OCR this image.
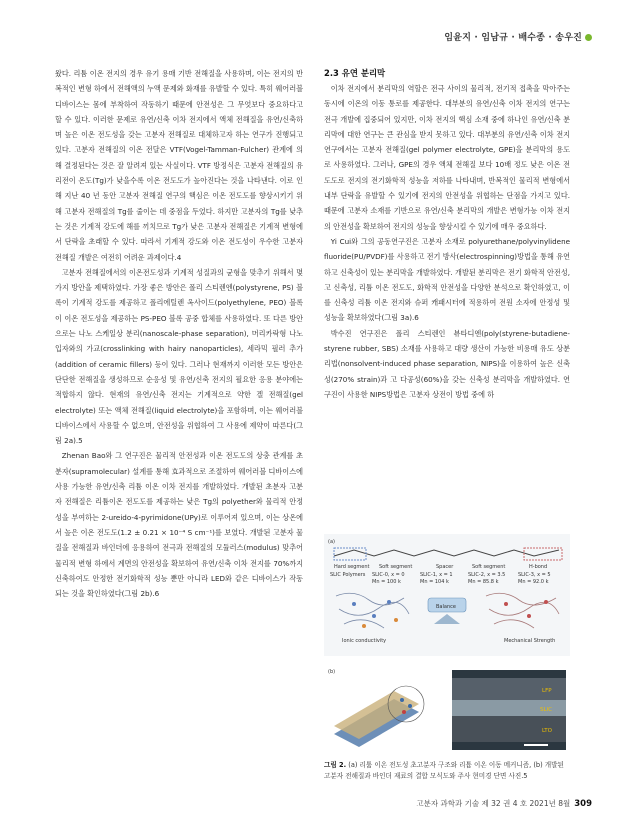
임윤지 · 임남규 · 배수종 · 송우진

왔다. 리튬 이온 전지의 경우 유기 용매 기반 전해질을 사용하며, 이는 전지의 반복적인 변형 하에서 전해액의 누액 문제와 화재를 유발할 수 있다. 특히 웨어러블 디바이스는 몸에 부착하여 작동하기 때문에 안전성은 그 무엇보다 중요하다고 할 수 있다. 이러한 문제로 유연/신축 이차 전지에서 액체 전해질을 유연/신축하며 높은 이온 전도성을 갖는 고분자 전해질로 대체하고자 하는 연구가 진행되고 있다. 고분자 전해질의 이온 전달은 VTF(Vogel-Tamman-Fulcher) 관계에 의해 결정된다는 것은 잘 알려져 있는 사실이다. VTF 방정식은 고분자 전해질의 유리전이 온도(Tg)가 낮을수록 이온 전도도가 높아진다는 것을 나타낸다. 이로 인해 지난 40 년 동안 고분자 전해질 연구의 핵심은 이온 전도도를 향상시키기 위해 고분자 전해질의 Tg를 줄이는 데 중점을 두었다. 하지만 고분자의 Tg를 낮추는 것은 기계적 강도에 해를 끼치므로 Tg가 낮은 고분자 전해질은 기계적 변형에서 단락을 초래할 수 있다. 따라서 기계적 강도와 이온 전도성이 우수한 고분자 전해질 개발은 여전히 어려운 과제이다.4

고분자 전해질에서의 이온전도성과 기계적 성질과의 균형을 맞추기 위해서 몇 가지 방안을 제택하였다. 가장 좋은 방안은 폴리 스티렌엔(polystyrene, PS) 블록이 기계적 강도를 제공하고 폴리에틸렌 옥사이드(polyethylene, PEO) 블록이 이온 전도성을 제공하는 PS-PEO 블록 공중 합체를 사용하였다. 또 다른 방안으로는 나노 스케일상 분리(nanoscale-phase separation), 머리카락형 나노 입자와의 가교(crosslinking with hairy nanoparticles), 세라믹 필러 추가(addition of ceramic fillers) 등이 있다. 그러나 현재까지 이러한 모든 방안은 단단한 전해질을 생성하므로 순응성 및 유연/신축 전지의 필요한 응용 분야에는 적합하지 않다. 현재의 유연/신축 전지는 기계적으로 약한 겔 전해질(gel electrolyte) 또는 액체 전해질(liquid electrolyte)을 포함하며, 이는 웨어러블 디바이스에서 사용할 수 없으며, 안전성을 위협하여 그 사용에 제약이 따른다(그림 2a).5

Zhenan Bao와 그 연구진은 물리적 안전성과 이온 전도도의 상충 관계를 초분자(supramolecular) 설계를 통해 효과적으로 조절하여 웨어러블 디바이스에 사용 가능한 유연/신축 리튬 이온 이차 전지를 개발하였다. 개발된 초분자 고분자 전해질은 리튬이온 전도도를 제공하는 낮은 Tg의 polyether와 물리적 안정성을 부여하는 2-ureido-4-pyrimidone(UPy)로 이루어져 있으며, 이는 상온에서 높은 이온 전도도(1.2 ± 0.21 × 10⁻⁴ S cm⁻¹)를 보였다. 개발된 고분자 물질을 전해질과 바인더에 응용하여 전극과 전해질의 모듈러스(modulus) 맞추어 물리적 변형 하에서 계면의 안전성을 확보하여 유연/신축 이차 전지를 70%까지 신축하여도 안정한 전기화학적 성능 뿐만 아니라 LED와 같은 디바이스가 작동되는 것을 확인하였다(그림 2b).6

2.3 유연 분리막

이차 전지에서 분리막의 역할은 전극 사이의 물리적, 전기적 접촉을 막아주는 동시에 이온의 이동 통로를 제공한다. 대부분의 유연/신축 이차 전지의 연구는 전극 개발에 집중되어 있지만, 이차 전지의 핵심 소재 중에 하나인 유연/신축 분리막에 대한 연구는 큰 관심을 받지 못하고 있다. 대부분의 유연/신축 이차 전지 연구에서는 고분자 전해질(gel polymer electrolyte, GPE)을 분리막의 용도로 사용하였다. 그러나, GPE의 경우 액체 전해질 보다 10배 정도 낮은 이온 전도도로 전지의 전기화학적 성능을 저하를 나타내며, 반복적인 물리적 변형에서 내부 단락을 유발할 수 있기에 전지의 안전성을 위협하는 단점을 가지고 있다. 때문에 고분자 소재를 기반으로 유연/신축 분리막의 개발은 변형가능 이차 전지의 안전성을 확보하여 전지의 성능을 향상시킬 수 있기에 매우 중요하다.

Yi Cui와 그의 공동연구진은 고분자 소재로 polyurethane/polyvinylidene fluoride(PU/PVDF)를 사용하고 전기 방사(electrospinning)방법을 통해 유연하고 신축성이 있는 분리막을 개발하였다. 개발된 분리막은 전기 화학적 안전성, 고 신축성, 리튬 이온 전도도, 화학적 안전성을 다양한 분석으로 확인하였고, 이를 신축성 리튬 이온 전지와 슈퍼 캐패시터에 적용하여 전원 소자에 안정성 및 성능을 확보하였다(그림 3a).6

박수진 연구진은 폴리 스티렌인 뷰타디엔(poly(styrene-butadiene-styrene rubber, SBS) 소재를 사용하고 대량 생산이 가능한 비용매 유도 상분리법(nonsolvent-induced phase separation, NIPS)을 이용하여 높은 신축성(270% strain)과 고 다공성(60%)을 갖는 신축성 분리막을 개발하였다. 연구진이 사용한 NIPS방법은 고분자 상전이 방법 중에 하

(a)
Hard segment Soft segment	Spacer	Soft segment	H-bond
SLIC Polymers SLIC-0, x = 0	SLIC-1, x = 1	SLIC-2, x = 3.5	SLIC-3, x = 5
Mn = 100 k	Mn = 104 k	Mn = 85.8 k	Mn = 92.0 k
Balance
Ionic conductivity	Mechanical Strength
(b)
LFP
SLIC
LTO
그림 2. (a) 리튬 이온 전도성 초고분자 구조와 리튬 이온 이동 메커니즘, (b) 개발된 고분자 전해질과 바인더 재료의 결합 모식도와 주사 현미경 단면 사진.5
고분자 과학과 기술 제 32 권 4 호 2021년 8월 309
